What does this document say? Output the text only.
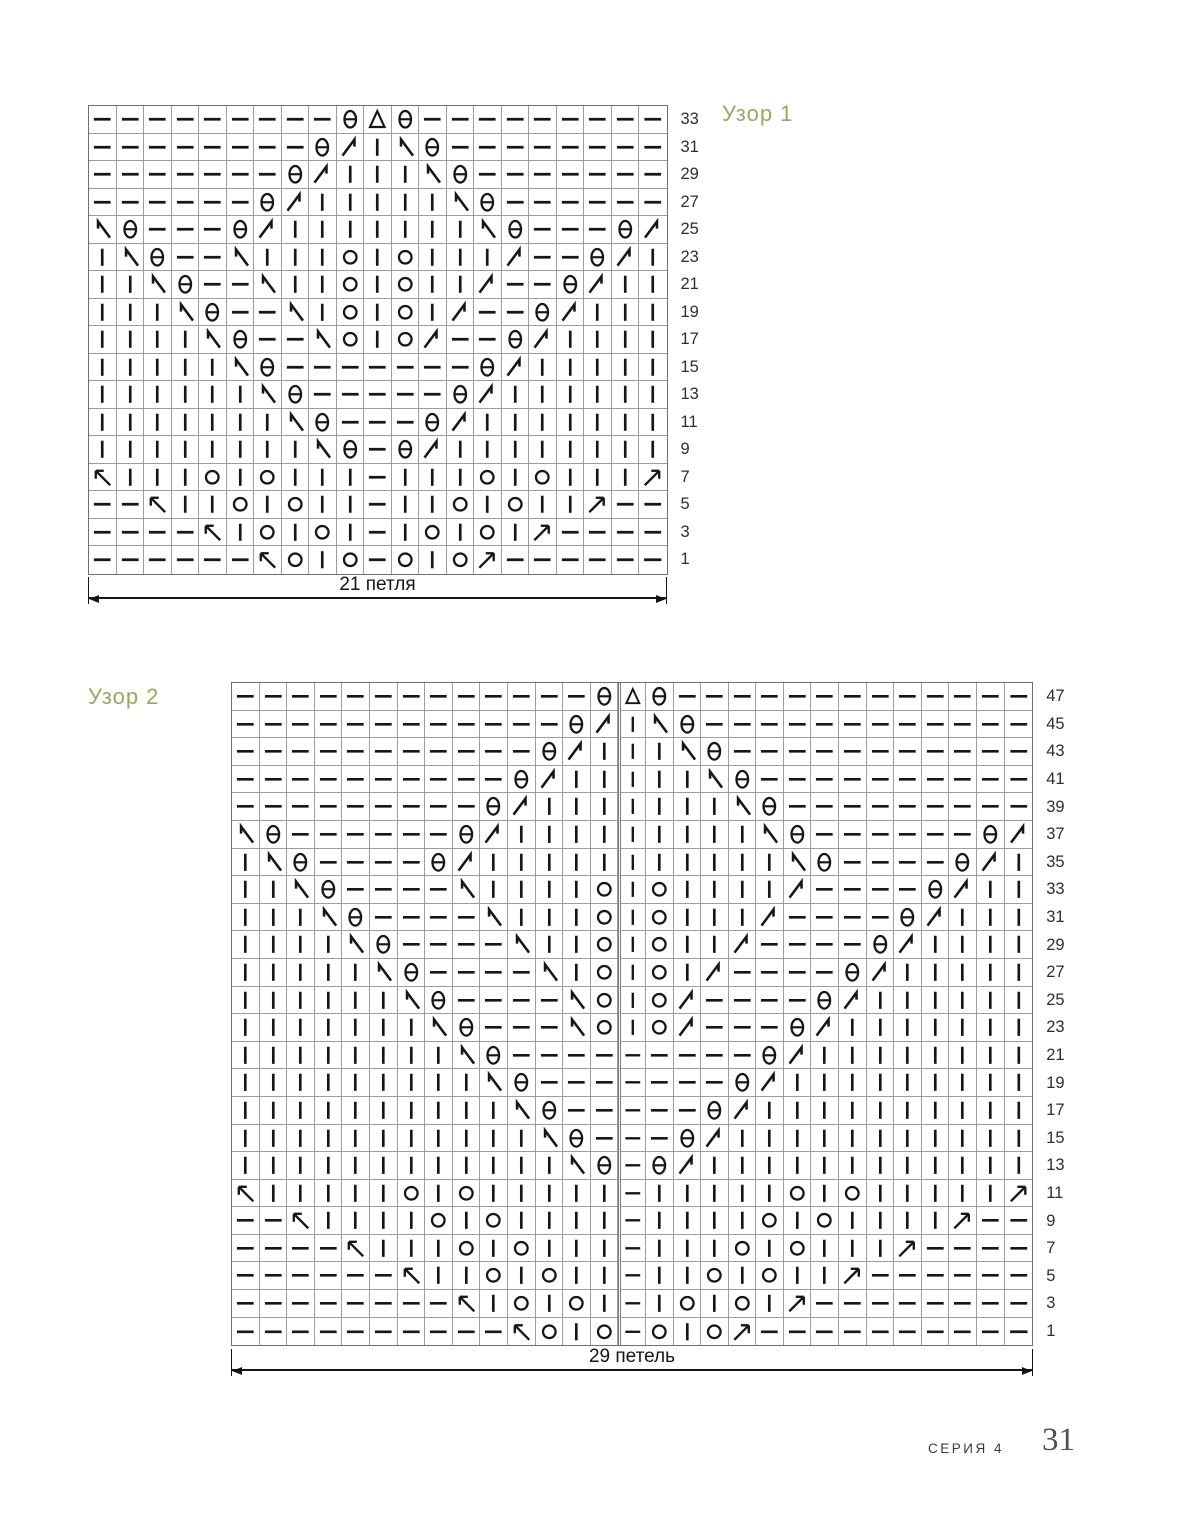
Узор 1
33
31
29
27
25
23
21
19
17
15
13
11
9
7
5
3
1
21 петля
Узор 2	47
45
43
41
39
37
35
33
31
29
27
25
23
21
19
17
15
13
11
9
7
5
3
1
29 петель
СЕРИЯ 4 31
